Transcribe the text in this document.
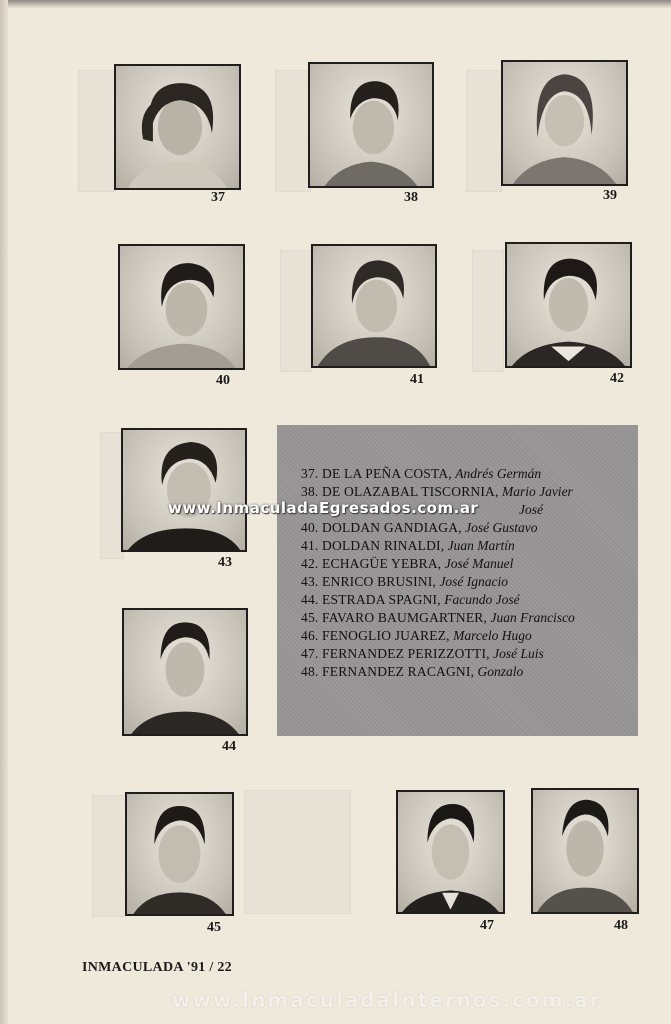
37	38	39
40	41	42
43
37. DE LA PEÑA COSTA, Andrés Germán
38. DE OLAZABAL TISCORNIA, Mario Javier
José
40. DOLDAN GANDIAGA, José Gustavo
41. DOLDAN RINALDI, Juan Martín
42. ECHAGÜE YEBRA, José Manuel
43. ENRICO BRUSINI, José Ignacio
44. ESTRADA SPAGNI, Facundo José
45. FAVARO BAUMGARTNER, Juan Francisco
46. FENOGLIO JUAREZ, Marcelo Hugo
47. FERNANDEZ PERIZZOTTI, José Luis
48. FERNANDEZ RACAGNI, Gonzalo
www.InmaculadaEgresados.com.ar
44
45	47	48
INMACULADA '91 / 22
www.InmaculadaInternos.com.ar
